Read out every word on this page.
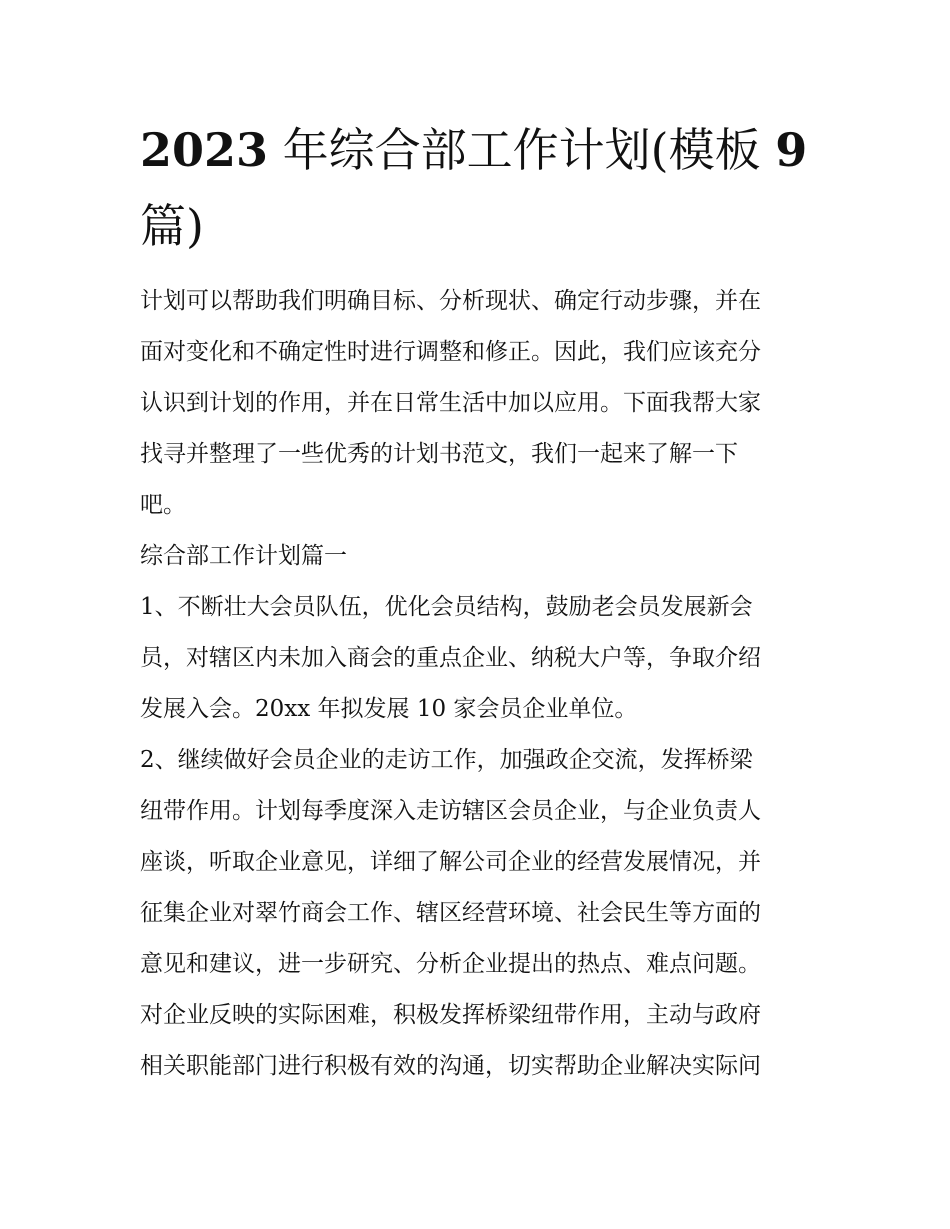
2023 年综合部工作计划(模板 9
篇)
计划可以帮助我们明确目标、分析现状、确定行动步骤，并在
面对变化和不确定性时进行调整和修正。因此，我们应该充分
认识到计划的作用，并在日常生活中加以应用。下面我帮大家
找寻并整理了一些优秀的计划书范文，我们一起来了解一下
吧。
综合部工作计划篇一
1、不断壮大会员队伍，优化会员结构，鼓励老会员发展新会
员，对辖区内未加入商会的重点企业、纳税大户等，争取介绍
发展入会。20xx 年拟发展 10 家会员企业单位。
2、继续做好会员企业的走访工作，加强政企交流，发挥桥梁
纽带作用。计划每季度深入走访辖区会员企业，与企业负责人
座谈，听取企业意见，详细了解公司企业的经营发展情况，并
征集企业对翠竹商会工作、辖区经营环境、社会民生等方面的
意见和建议，进一步研究、分析企业提出的热点、难点问题。
对企业反映的实际困难，积极发挥桥梁纽带作用，主动与政府
相关职能部门进行积极有效的沟通，切实帮助企业解决实际问
